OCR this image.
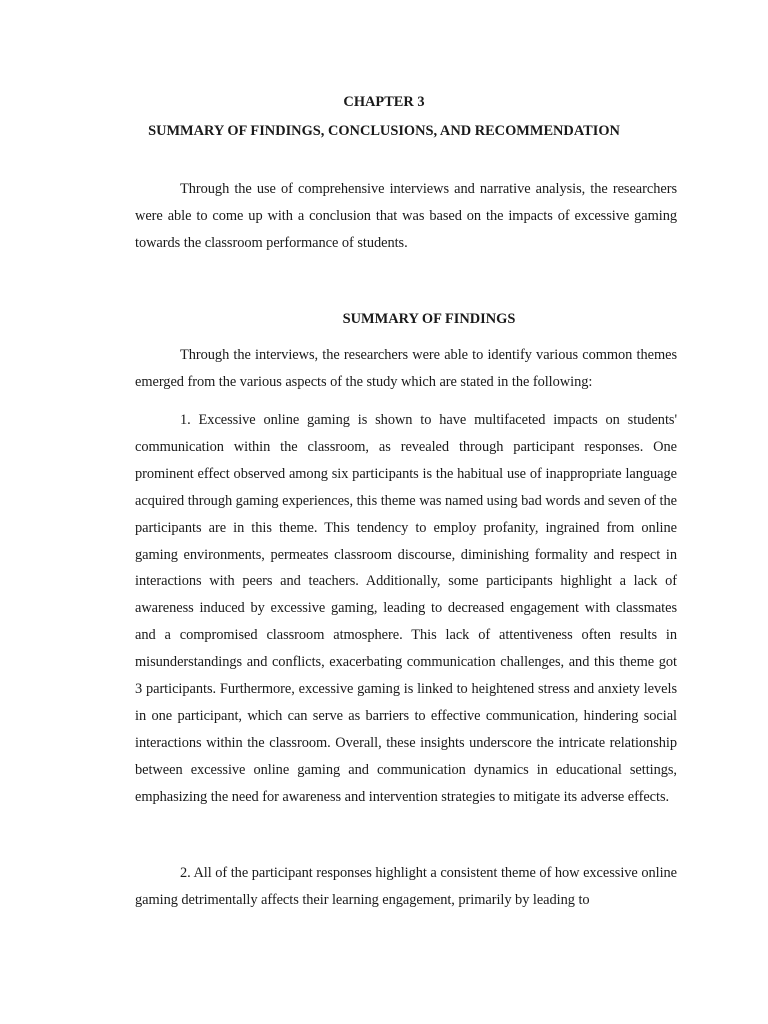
CHAPTER 3
SUMMARY OF FINDINGS, CONCLUSIONS, AND RECOMMENDATION

Through the use of comprehensive interviews and narrative analysis, the researchers were able to come up with a conclusion that was based on the impacts of excessive gaming towards the classroom performance of students.

SUMMARY OF FINDINGS

Through the interviews, the researchers were able to identify various common themes emerged from the various aspects of the study which are stated in the following:

1. Excessive online gaming is shown to have multifaceted impacts on students' communication within the classroom, as revealed through participant responses. One prominent effect observed among six participants is the habitual use of inappropriate language acquired through gaming experiences, this theme was named using bad words and seven of the participants are in this theme. This tendency to employ profanity, ingrained from online gaming environments, permeates classroom discourse, diminishing formality and respect in interactions with peers and teachers. Additionally, some participants highlight a lack of awareness induced by excessive gaming, leading to decreased engagement with classmates and a compromised classroom atmosphere. This lack of attentiveness often results in misunderstandings and conflicts, exacerbating communication challenges, and this theme got 3 participants. Furthermore, excessive gaming is linked to heightened stress and anxiety levels in one participant, which can serve as barriers to effective communication, hindering social interactions within the classroom. Overall, these insights underscore the intricate relationship between excessive online gaming and communication dynamics in educational settings, emphasizing the need for awareness and intervention strategies to mitigate its adverse effects.

2. All of the participant responses highlight a consistent theme of how excessive online gaming detrimentally affects their learning engagement, primarily by leading to
